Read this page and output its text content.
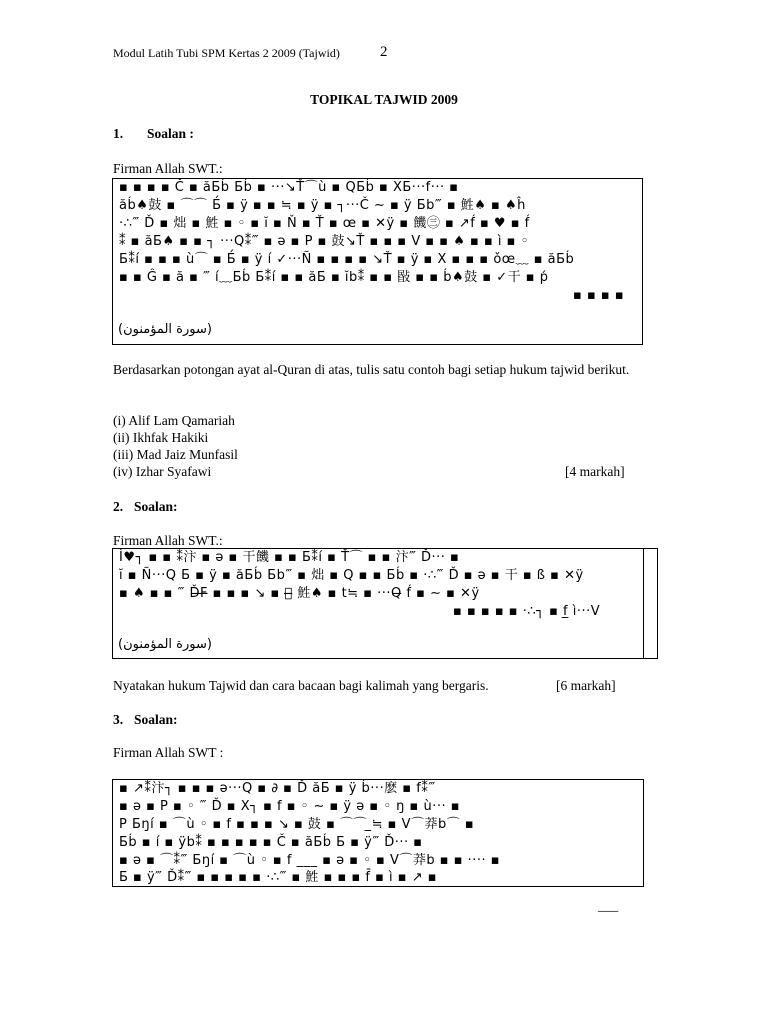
Modul Latih Tubi SPM Kertas 2 2009 (Tajwid)	2
TOPIKAL TAJWID 2009
1. Soalan :
Firman Allah SWT.:
▪ ▪ ▪ ▪ Č ▪ ăБb́ Бb́ ▪ ···↘Ť⌒ù ▪ QБb́ ▪ ХБ···f··· ▪
ăb́♠鼓 ▪ ⌒⌒ Б́ ▪ ÿ ▪ ▪ ≒ ▪ ÿ ▪ ┐···Č ∼ ▪ ÿ Бb‴ ▪ 鮏♠ ▪ ♠ĥ
·∴‴ Ď ▪ 炪 ▪ 鮏 ▪ ◦ ▪ ĭ ▪ Ň ▪ Ť ▪ œ ▪ ✕ÿ ▪ 饑㊂ ▪ ↗f́ ▪ ♥ ▪ f́
⁑ ▪ ăБ♠ ▪ ▪ ┐ ···Q⁑‴ ▪ ə ▪ P ▪ 鼓↘Ť ▪ ▪ ▪ V ▪ ▪ ♠ ▪ ▪ ì ▪ ◦
Б⁑í ▪ ▪ ▪ ù⌒ ▪ Б́ ▪ ÿ í ✓···Ñ ▪ ▪ ▪ ▪ ↘Ť ▪ ÿ ▪ Х ▪ ▪ ▪ ǒœ﹏ ▪ ăБb́
▪ ▪ Ĝ ▪ ă ▪ ‴ í﹏Бb́ Б⁑í ▪ ▪ ăБ ▪ ĭb⁑ ▪ ▪ 敯 ▪ ▪ b́♠鼓 ▪ ✓干 ▪ ṕ
▪ ▪ ▪ ▪
(سورة المؤمنون)
Berdasarkan potongan ayat al-Quran di atas, tulis satu contoh bagi setiap hukum tajwid berikut.
(i) Alif Lam Qamariah
(ii) Ikhfak Hakiki
(iii) Mad Jaiz Munfasil
(iv) Izhar Syafawi	[4 markah]
2. Soalan:
Firman Allah SWT.:
Ì♥┐ ▪ ▪ ⁑汴 ▪ ə ▪ 干饑 ▪ ▪ Б⁑í ▪ Ť⌒ ▪ ▪ 汴‴ Ď··· ▪
ĭ ▪ Ñ···Q Б ▪ ÿ ▪ ăБb́ Бb‴ ▪ 炪 ▪ Q ▪ ▪ Бb́ ▪ ·∴‴ Ď ▪ ə ▪ 干 ▪ ß ▪ ✕ÿ
▪ ♠ ▪ ▪ ‴ Ď̶F̶ ▪ ▪ ▪ ↘ ▪ 饑̶ 鮏♠ ▪ t≒ ▪ ···Q̶ f́ ▪ ∼ ▪ ✕ÿ
▪ ▪ ▪ ▪ ▪ ·∴┐ ▪ f̲ ì···V
(سورة المؤمنون)
Nyatakan hukum Tajwid dan cara bacaan bagi kalimah yang bergaris.	[6 markah]
3. Soalan:
Firman Allah SWT :
▪ ↗⁑汴┐ ▪ ▪ ▪ ə···Q ▪ ∂ ▪ Ď ăБ ▪ ÿ b́···麽 ▪ f⁑‴
▪ ə ▪ P ▪ ◦ ‴ Ď ▪ Х┐ ▪ f ▪ ◦ ∼ ▪ ÿ ə ▪ ◦ ŋ ▪ ù··· ▪
P Бŋí ▪ ⌒ù ◦ ▪ f ▪ ▪ ▪ ↘ ▪ 鼓 ▪ ⌒⌒ ̲≒ ▪ V⌒莽b⌒ ▪
Бb́ ▪ í ▪ ÿb⁑ ▪ ▪ ▪ ▪ ▪ Č ▪ ăБb́ Б ▪ ÿ‴ Ď··· ▪
▪ ə ▪ ⌒⁑‴ Бŋí ▪ ⌒ù ◦ ▪ f ___ ▪ ə ▪ ◦ ▪ V⌒莽b ▪ ▪ ···· ▪
Б ▪ ÿ‴ Ď⁑‴ ▪ ▪ ▪ ▪ ▪ ·∴‴ ▪ 鮏 ▪ ▪ ▪ f̄ ▪ ì ▪ ↗ ▪
___
